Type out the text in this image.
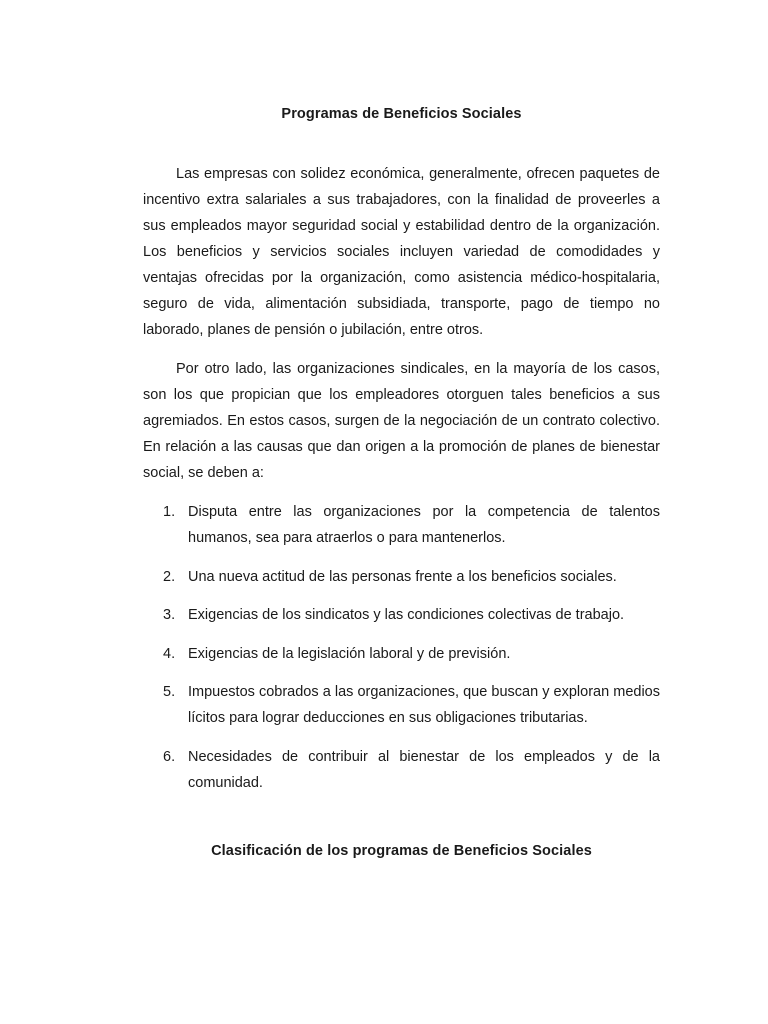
Programas de Beneficios Sociales

Las empresas con solidez económica, generalmente, ofrecen paquetes de incentivo extra salariales a sus trabajadores, con la finalidad de proveerles a sus empleados mayor seguridad social y estabilidad dentro de la organización. Los beneficios y servicios sociales incluyen variedad de comodidades y ventajas ofrecidas por la organización, como asistencia médico-hospitalaria, seguro de vida, alimentación subsidiada, transporte, pago de tiempo no laborado, planes de pensión o jubilación, entre otros.

Por otro lado, las organizaciones sindicales, en la mayoría de los casos, son los que propician que los empleadores otorguen tales beneficios a sus agremiados. En estos casos, surgen de la negociación de un contrato colectivo. En relación a las causas que dan origen a la promoción de planes de bienestar social, se deben a:

1. Disputa entre las organizaciones por la competencia de talentos humanos, sea para atraerlos o para mantenerlos.
2. Una nueva actitud de las personas frente a los beneficios sociales.
3. Exigencias de los sindicatos y las condiciones colectivas de trabajo.
4. Exigencias de la legislación laboral y de previsión.
5. Impuestos cobrados a las organizaciones, que buscan y exploran medios lícitos para lograr deducciones en sus obligaciones tributarias.
6. Necesidades de contribuir al bienestar de los empleados y de la comunidad.
Clasificación de los programas de Beneficios Sociales
